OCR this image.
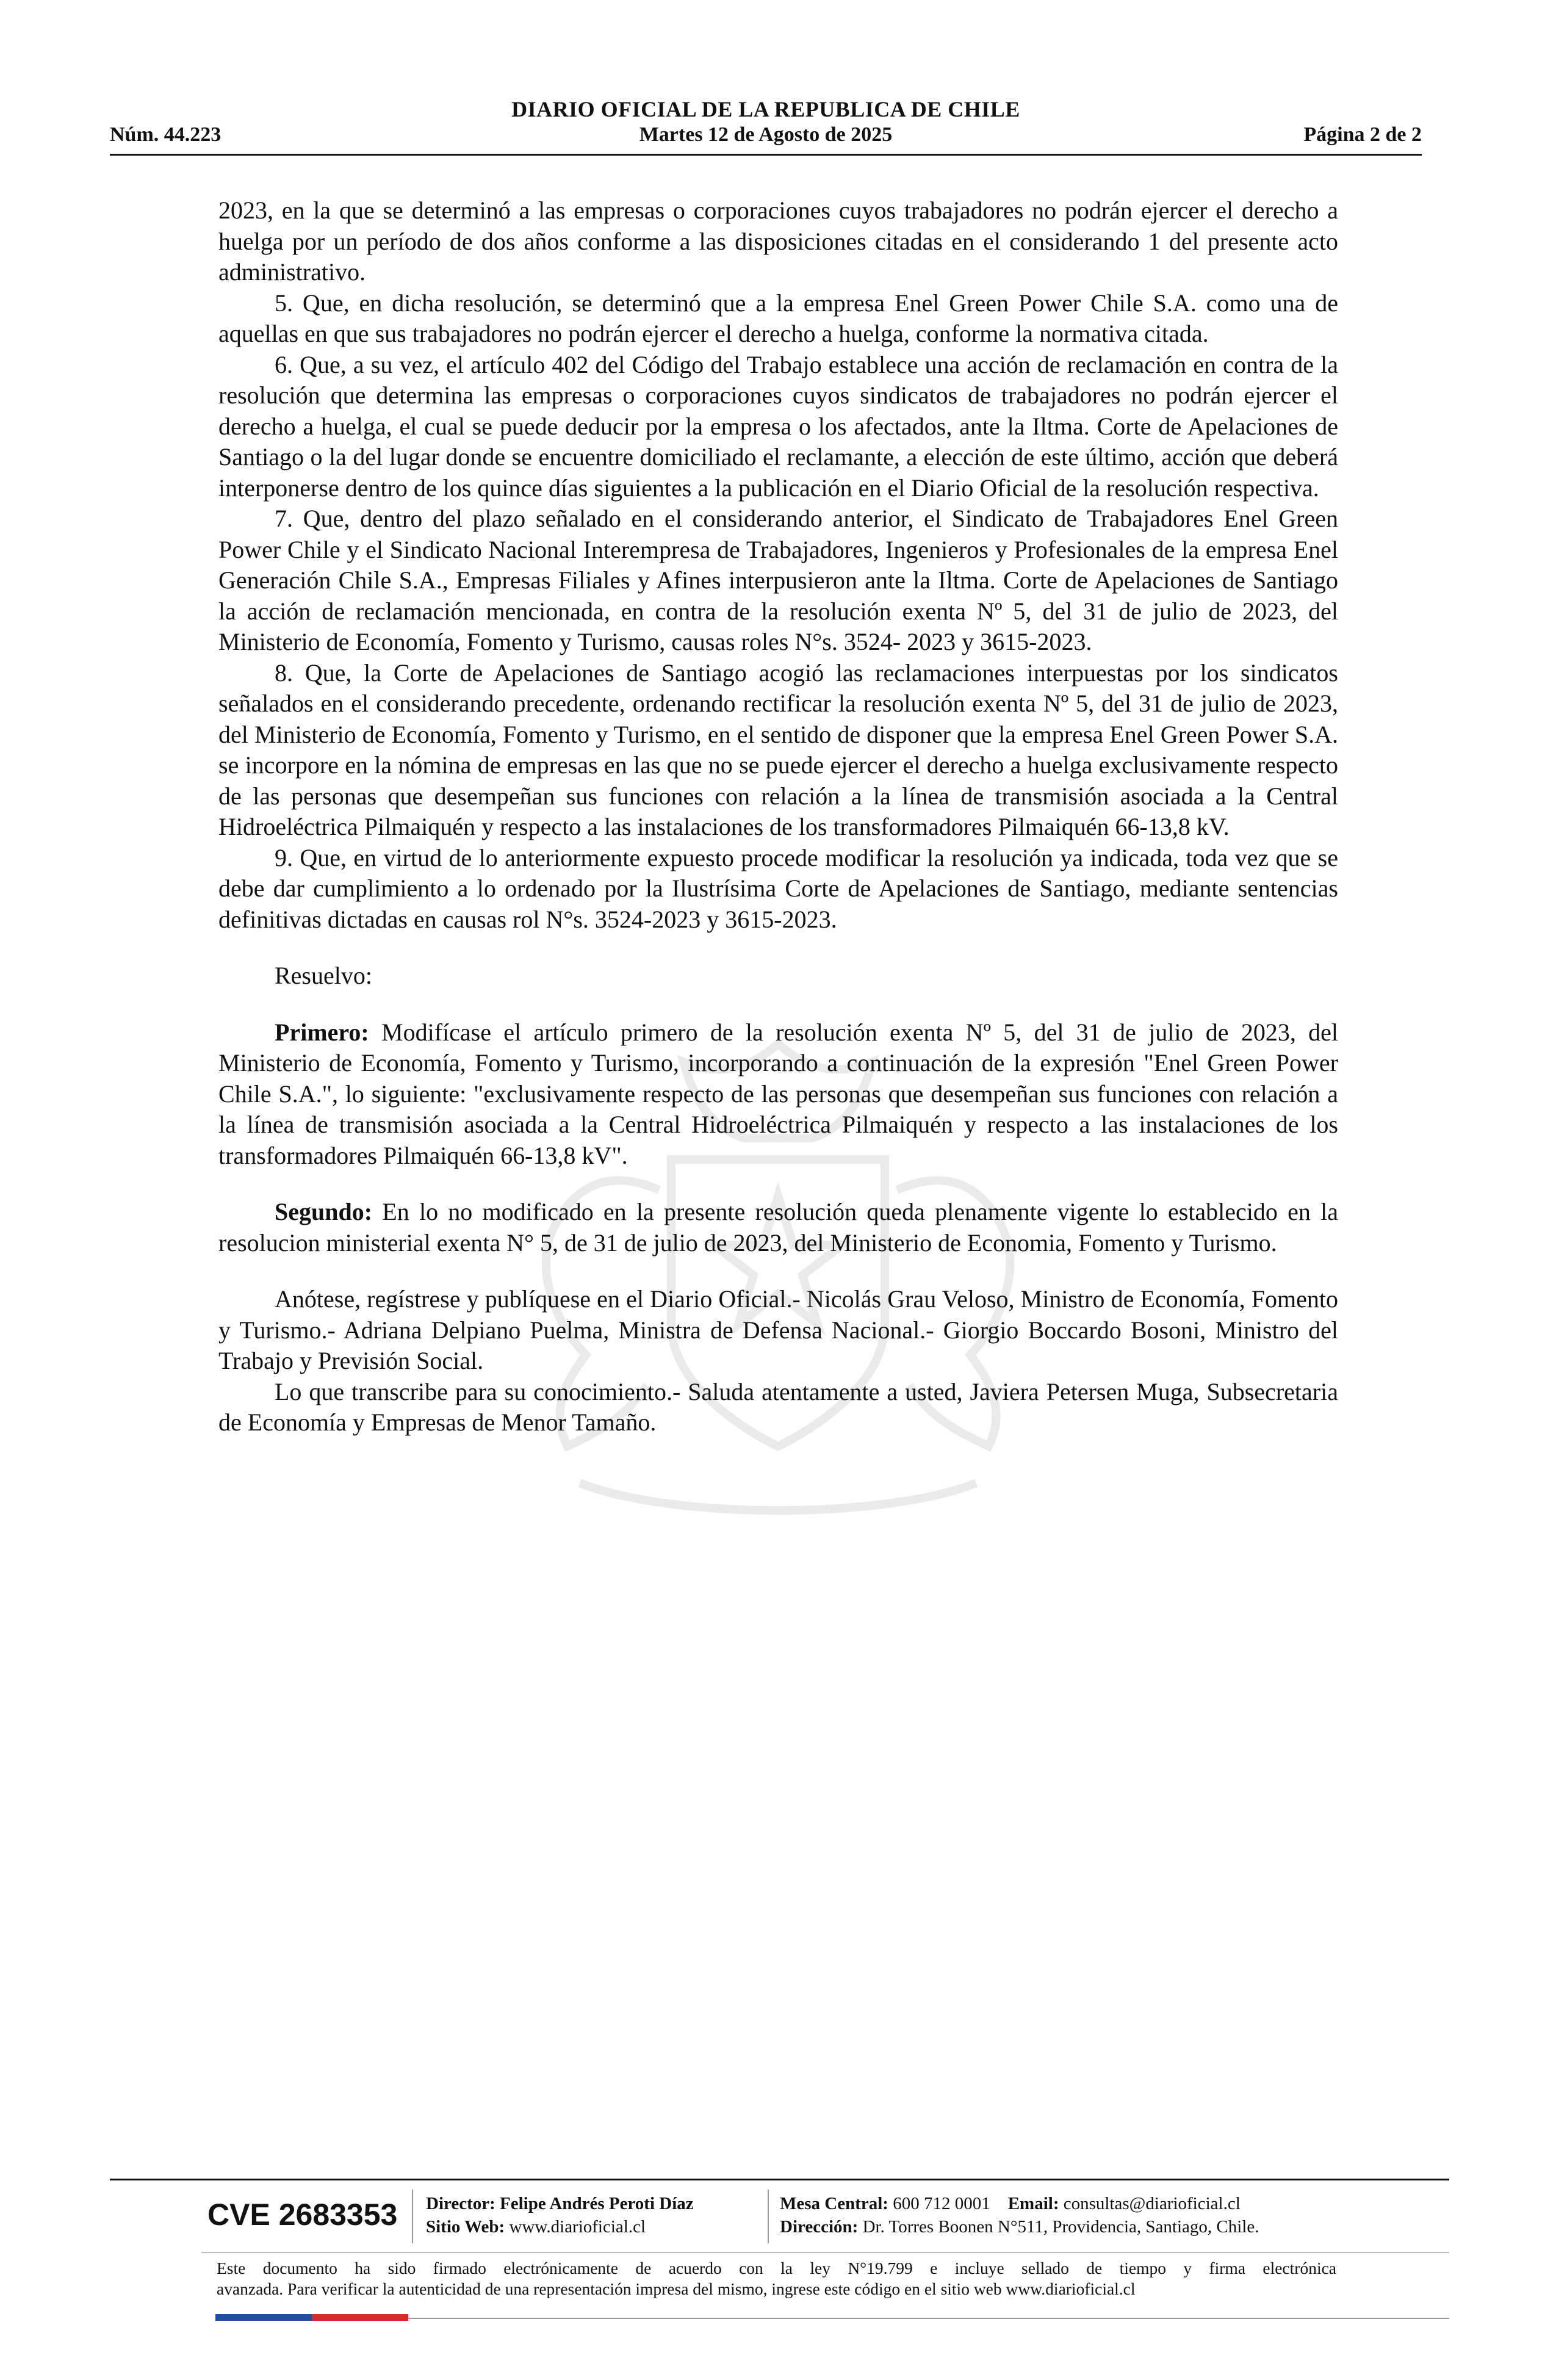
DIARIO OFICIAL DE LA REPUBLICA DE CHILE
Núm. 44.223	Martes 12 de Agosto de 2025	Página 2 de 2

2023, en la que se determinó a las empresas o corporaciones cuyos trabajadores no podrán ejercer el derecho a huelga por un período de dos años conforme a las disposiciones citadas en el considerando 1 del presente acto administrativo.

5. Que, en dicha resolución, se determinó que a la empresa Enel Green Power Chile S.A. como una de aquellas en que sus trabajadores no podrán ejercer el derecho a huelga, conforme la normativa citada.

6. Que, a su vez, el artículo 402 del Código del Trabajo establece una acción de reclamación en contra de la resolución que determina las empresas o corporaciones cuyos sindicatos de trabajadores no podrán ejercer el derecho a huelga, el cual se puede deducir por la empresa o los afectados, ante la Iltma. Corte de Apelaciones de Santiago o la del lugar donde se encuentre domiciliado el reclamante, a elección de este último, acción que deberá interponerse dentro de los quince días siguientes a la publicación en el Diario Oficial de la resolución respectiva.

7. Que, dentro del plazo señalado en el considerando anterior, el Sindicato de Trabajadores Enel Green Power Chile y el Sindicato Nacional Interempresa de Trabajadores, Ingenieros y Profesionales de la empresa Enel Generación Chile S.A., Empresas Filiales y Afines interpusieron ante la Iltma. Corte de Apelaciones de Santiago la acción de reclamación mencionada, en contra de la resolución exenta Nº 5, del 31 de julio de 2023, del Ministerio de Economía, Fomento y Turismo, causas roles N°s. 3524- 2023 y 3615-2023.

8. Que, la Corte de Apelaciones de Santiago acogió las reclamaciones interpuestas por los sindicatos señalados en el considerando precedente, ordenando rectificar la resolución exenta Nº 5, del 31 de julio de 2023, del Ministerio de Economía, Fomento y Turismo, en el sentido de disponer que la empresa Enel Green Power S.A. se incorpore en la nómina de empresas en las que no se puede ejercer el derecho a huelga exclusivamente respecto de las personas que desempeñan sus funciones con relación a la línea de transmisión asociada a la Central Hidroeléctrica Pilmaiquén y respecto a las instalaciones de los transformadores Pilmaiquén 66-13,8 kV.

9. Que, en virtud de lo anteriormente expuesto procede modificar la resolución ya indicada, toda vez que se debe dar cumplimiento a lo ordenado por la Ilustrísima Corte de Apelaciones de Santiago, mediante sentencias definitivas dictadas en causas rol N°s. 3524-2023 y 3615-2023.

Resuelvo:

Primero: Modifícase el artículo primero de la resolución exenta Nº 5, del 31 de julio de 2023, del Ministerio de Economía, Fomento y Turismo, incorporando a continuación de la expresión "Enel Green Power Chile S.A.", lo siguiente: "exclusivamente respecto de las personas que desempeñan sus funciones con relación a la línea de transmisión asociada a la Central Hidroeléctrica Pilmaiquén y respecto a las instalaciones de los transformadores Pilmaiquén 66-13,8 kV".

Segundo: En lo no modificado en la presente resolución queda plenamente vigente lo establecido en la resolucion ministerial exenta N° 5, de 31 de julio de 2023, del Ministerio de Economia, Fomento y Turismo.

Anótese, regístrese y publíquese en el Diario Oficial.- Nicolás Grau Veloso, Ministro de Economía, Fomento y Turismo.- Adriana Delpiano Puelma, Ministra de Defensa Nacional.- Giorgio Boccardo Bosoni, Ministro del Trabajo y Previsión Social.

Lo que transcribe para su conocimiento.- Saluda atentamente a usted, Javiera Petersen Muga, Subsecretaria de Economía y Empresas de Menor Tamaño.

CVE 2683353 Director: Felipe Andrés Peroti Díaz
Sitio Web: www.diarioficial.cl
Mesa Central: 600 712 0001 Email: consultas@diarioficial.cl
Dirección: Dr. Torres Boonen N°511, Providencia, Santiago, Chile.
Este documento ha sido firmado electrónicamente de acuerdo con la ley N°19.799 e incluye sellado de tiempo y firma electrónica
avanzada. Para verificar la autenticidad de una representación impresa del mismo, ingrese este código en el sitio web www.diarioficial.cl
